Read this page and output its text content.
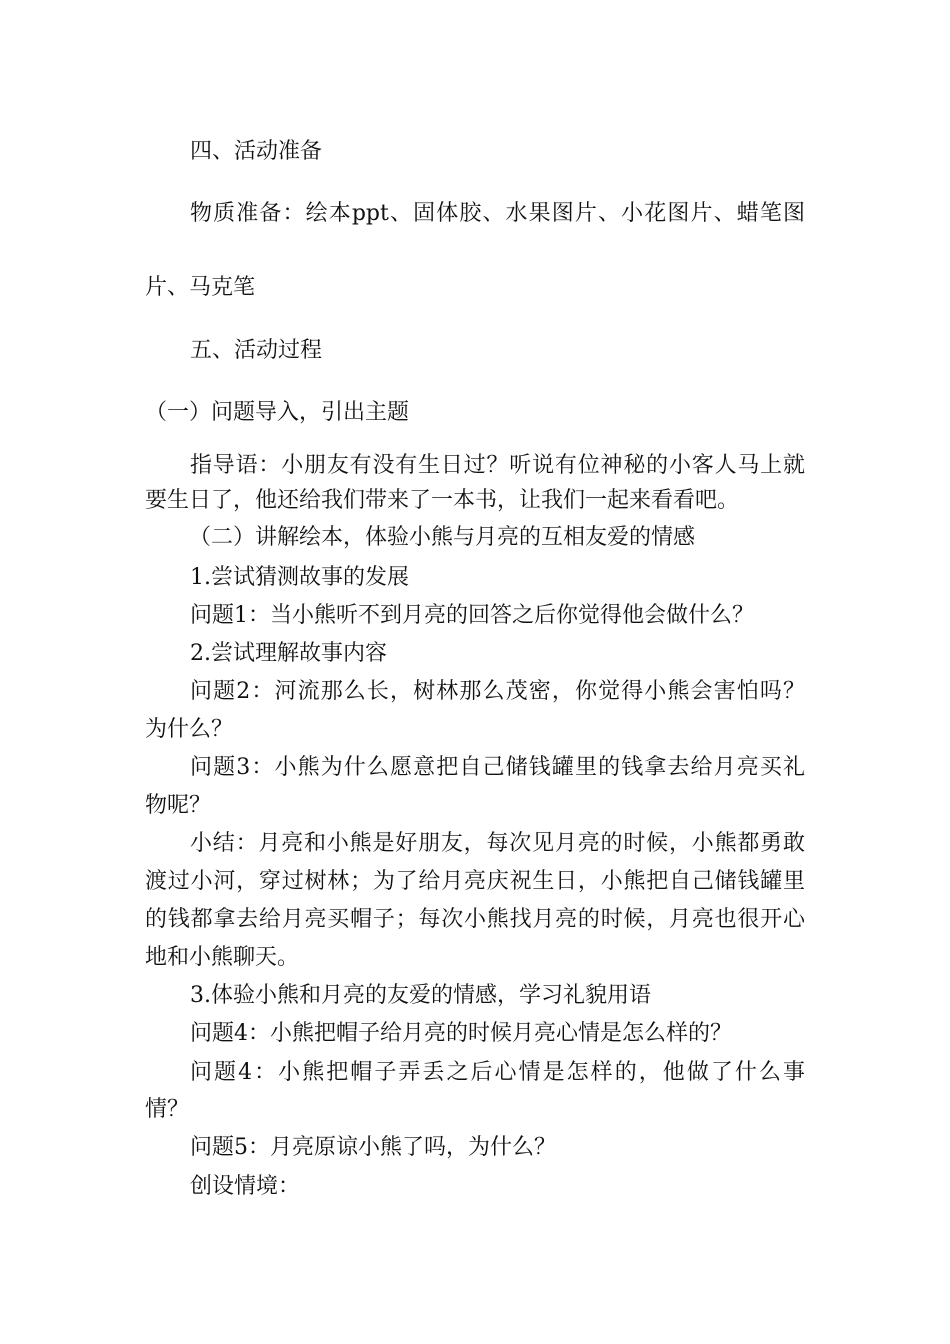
四、活动准备
物质准备：绘本ppt、固体胶、水果图片、小花图片、蜡笔图
片、马克笔
五、活动过程
（一）问题导入，引出主题
指导语：小朋友有没有生日过？听说有位神秘的小客人马上就
要生日了，他还给我们带来了一本书，让我们一起来看看吧。
（二）讲解绘本，体验小熊与月亮的互相友爱的情感
1.尝试猜测故事的发展
问题1：当小熊听不到月亮的回答之后你觉得他会做什么？
2.尝试理解故事内容
问题2：河流那么长，树林那么茂密，你觉得小熊会害怕吗？
为什么？
问题3：小熊为什么愿意把自己储钱罐里的钱拿去给月亮买礼
物呢？
小结：月亮和小熊是好朋友，每次见月亮的时候，小熊都勇敢
渡过小河，穿过树林；为了给月亮庆祝生日，小熊把自己储钱罐里
的钱都拿去给月亮买帽子；每次小熊找月亮的时候，月亮也很开心
地和小熊聊天。
3.体验小熊和月亮的友爱的情感，学习礼貌用语
问题4：小熊把帽子给月亮的时候月亮心情是怎么样的？
问题4：小熊把帽子弄丢之后心情是怎样的，他做了什么事
情？
问题5：月亮原谅小熊了吗，为什么？
创设情境：
